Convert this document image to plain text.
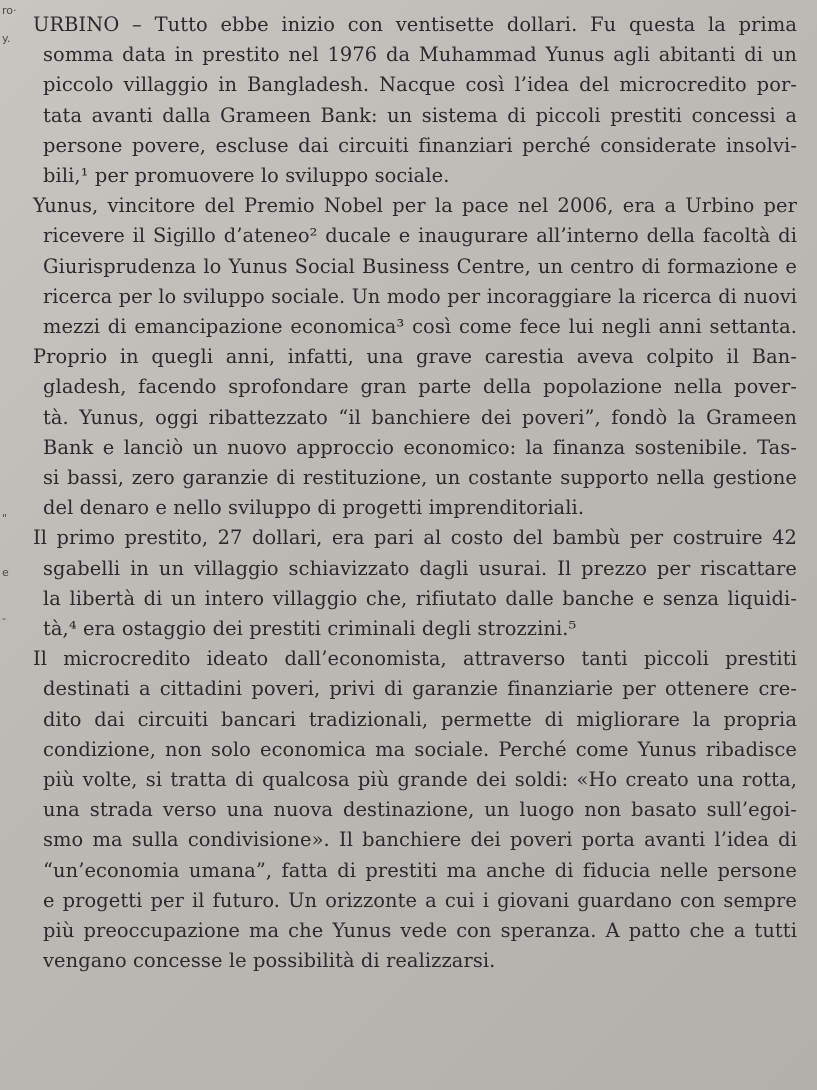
ro·
y.
"
e
-

URBINO – Tutto ebbe inizio con ventisette dollari. Fu questa la prima
somma data in prestito nel 1976 da Muhammad Yunus agli abitanti di un
piccolo villaggio in Bangladesh. Nacque così l’idea del microcredito por-
tata avanti dalla Grameen Bank: un sistema di piccoli prestiti concessi a
persone povere, escluse dai circuiti finanziari perché considerate insolvi-
bili,¹ per promuovere lo sviluppo sociale.

Yunus, vincitore del Premio Nobel per la pace nel 2006, era a Urbino per
ricevere il Sigillo d’ateneo² ducale e inaugurare all’interno della facoltà di
Giurisprudenza lo Yunus Social Business Centre, un centro di formazione e
ricerca per lo sviluppo sociale. Un modo per incoraggiare la ricerca di nuovi
mezzi di emancipazione economica³ così come fece lui negli anni settanta.

Proprio in quegli anni, infatti, una grave carestia aveva colpito il Ban-
gladesh, facendo sprofondare gran parte della popolazione nella pover-
tà. Yunus, oggi ribattezzato “il banchiere dei poveri”, fondò la Grameen
Bank e lanciò un nuovo approccio economico: la finanza sostenibile. Tas-
si bassi, zero garanzie di restituzione, un costante supporto nella gestione
del denaro e nello sviluppo di progetti imprenditoriali.

Il primo prestito, 27 dollari, era pari al costo del bambù per costruire 42
sgabelli in un villaggio schiavizzato dagli usurai. Il prezzo per riscattare
la libertà di un intero villaggio che, rifiutato dalle banche e senza liquidi-
tà,⁴ era ostaggio dei prestiti criminali degli strozzini.⁵

Il microcredito ideato dall’economista, attraverso tanti piccoli prestiti
destinati a cittadini poveri, privi di garanzie finanziarie per ottenere cre-
dito dai circuiti bancari tradizionali, permette di migliorare la propria
condizione, non solo economica ma sociale. Perché come Yunus ribadisce
più volte, si tratta di qualcosa più grande dei soldi: «Ho creato una rotta,
una strada verso una nuova destinazione, un luogo non basato sull’egoi-
smo ma sulla condivisione». Il banchiere dei poveri porta avanti l’idea di
“un’economia umana”, fatta di prestiti ma anche di fiducia nelle persone
e progetti per il futuro. Un orizzonte a cui i giovani guardano con sempre
più preoccupazione ma che Yunus vede con speranza. A patto che a tutti
vengano concesse le possibilità di realizzarsi.
